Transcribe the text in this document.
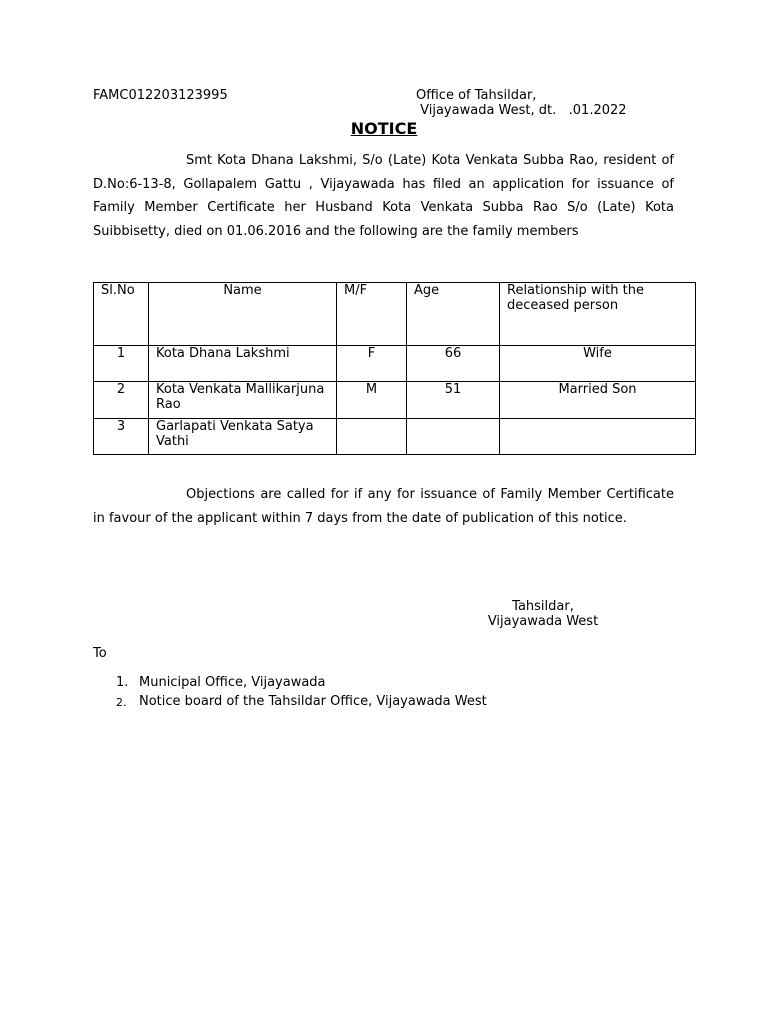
FAMC012203123995	Office of Tahsildar,
Vijayawada West, dt.   .01.2022
NOTICE
Smt Kota Dhana Lakshmi, S/o (Late) Kota Venkata Subba Rao, resident of D.No:6-13-8, Gollapalem Gattu , Vijayawada has filed an application for issuance of Family Member Certificate her Husband Kota Venkata Subba Rao S/o (Late) Kota Suibbisetty, died on 01.06.2016 and the following are the family members
Sl.No	Name	M/F	Age	Relationship with the deceased person
1	Kota Dhana Lakshmi	F	66	Wife
2	Kota Venkata Mallikarjuna Rao	M	51	Married Son
3	Garlapati Venkata Satya Vathi			
Objections are called for if any for issuance of Family Member Certificate in favour of the applicant within 7 days from the date of publication of this notice.
Tahsildar,
Vijayawada West
To
1. Municipal Office, Vijayawada
2. Notice board of the Tahsildar Office, Vijayawada West
